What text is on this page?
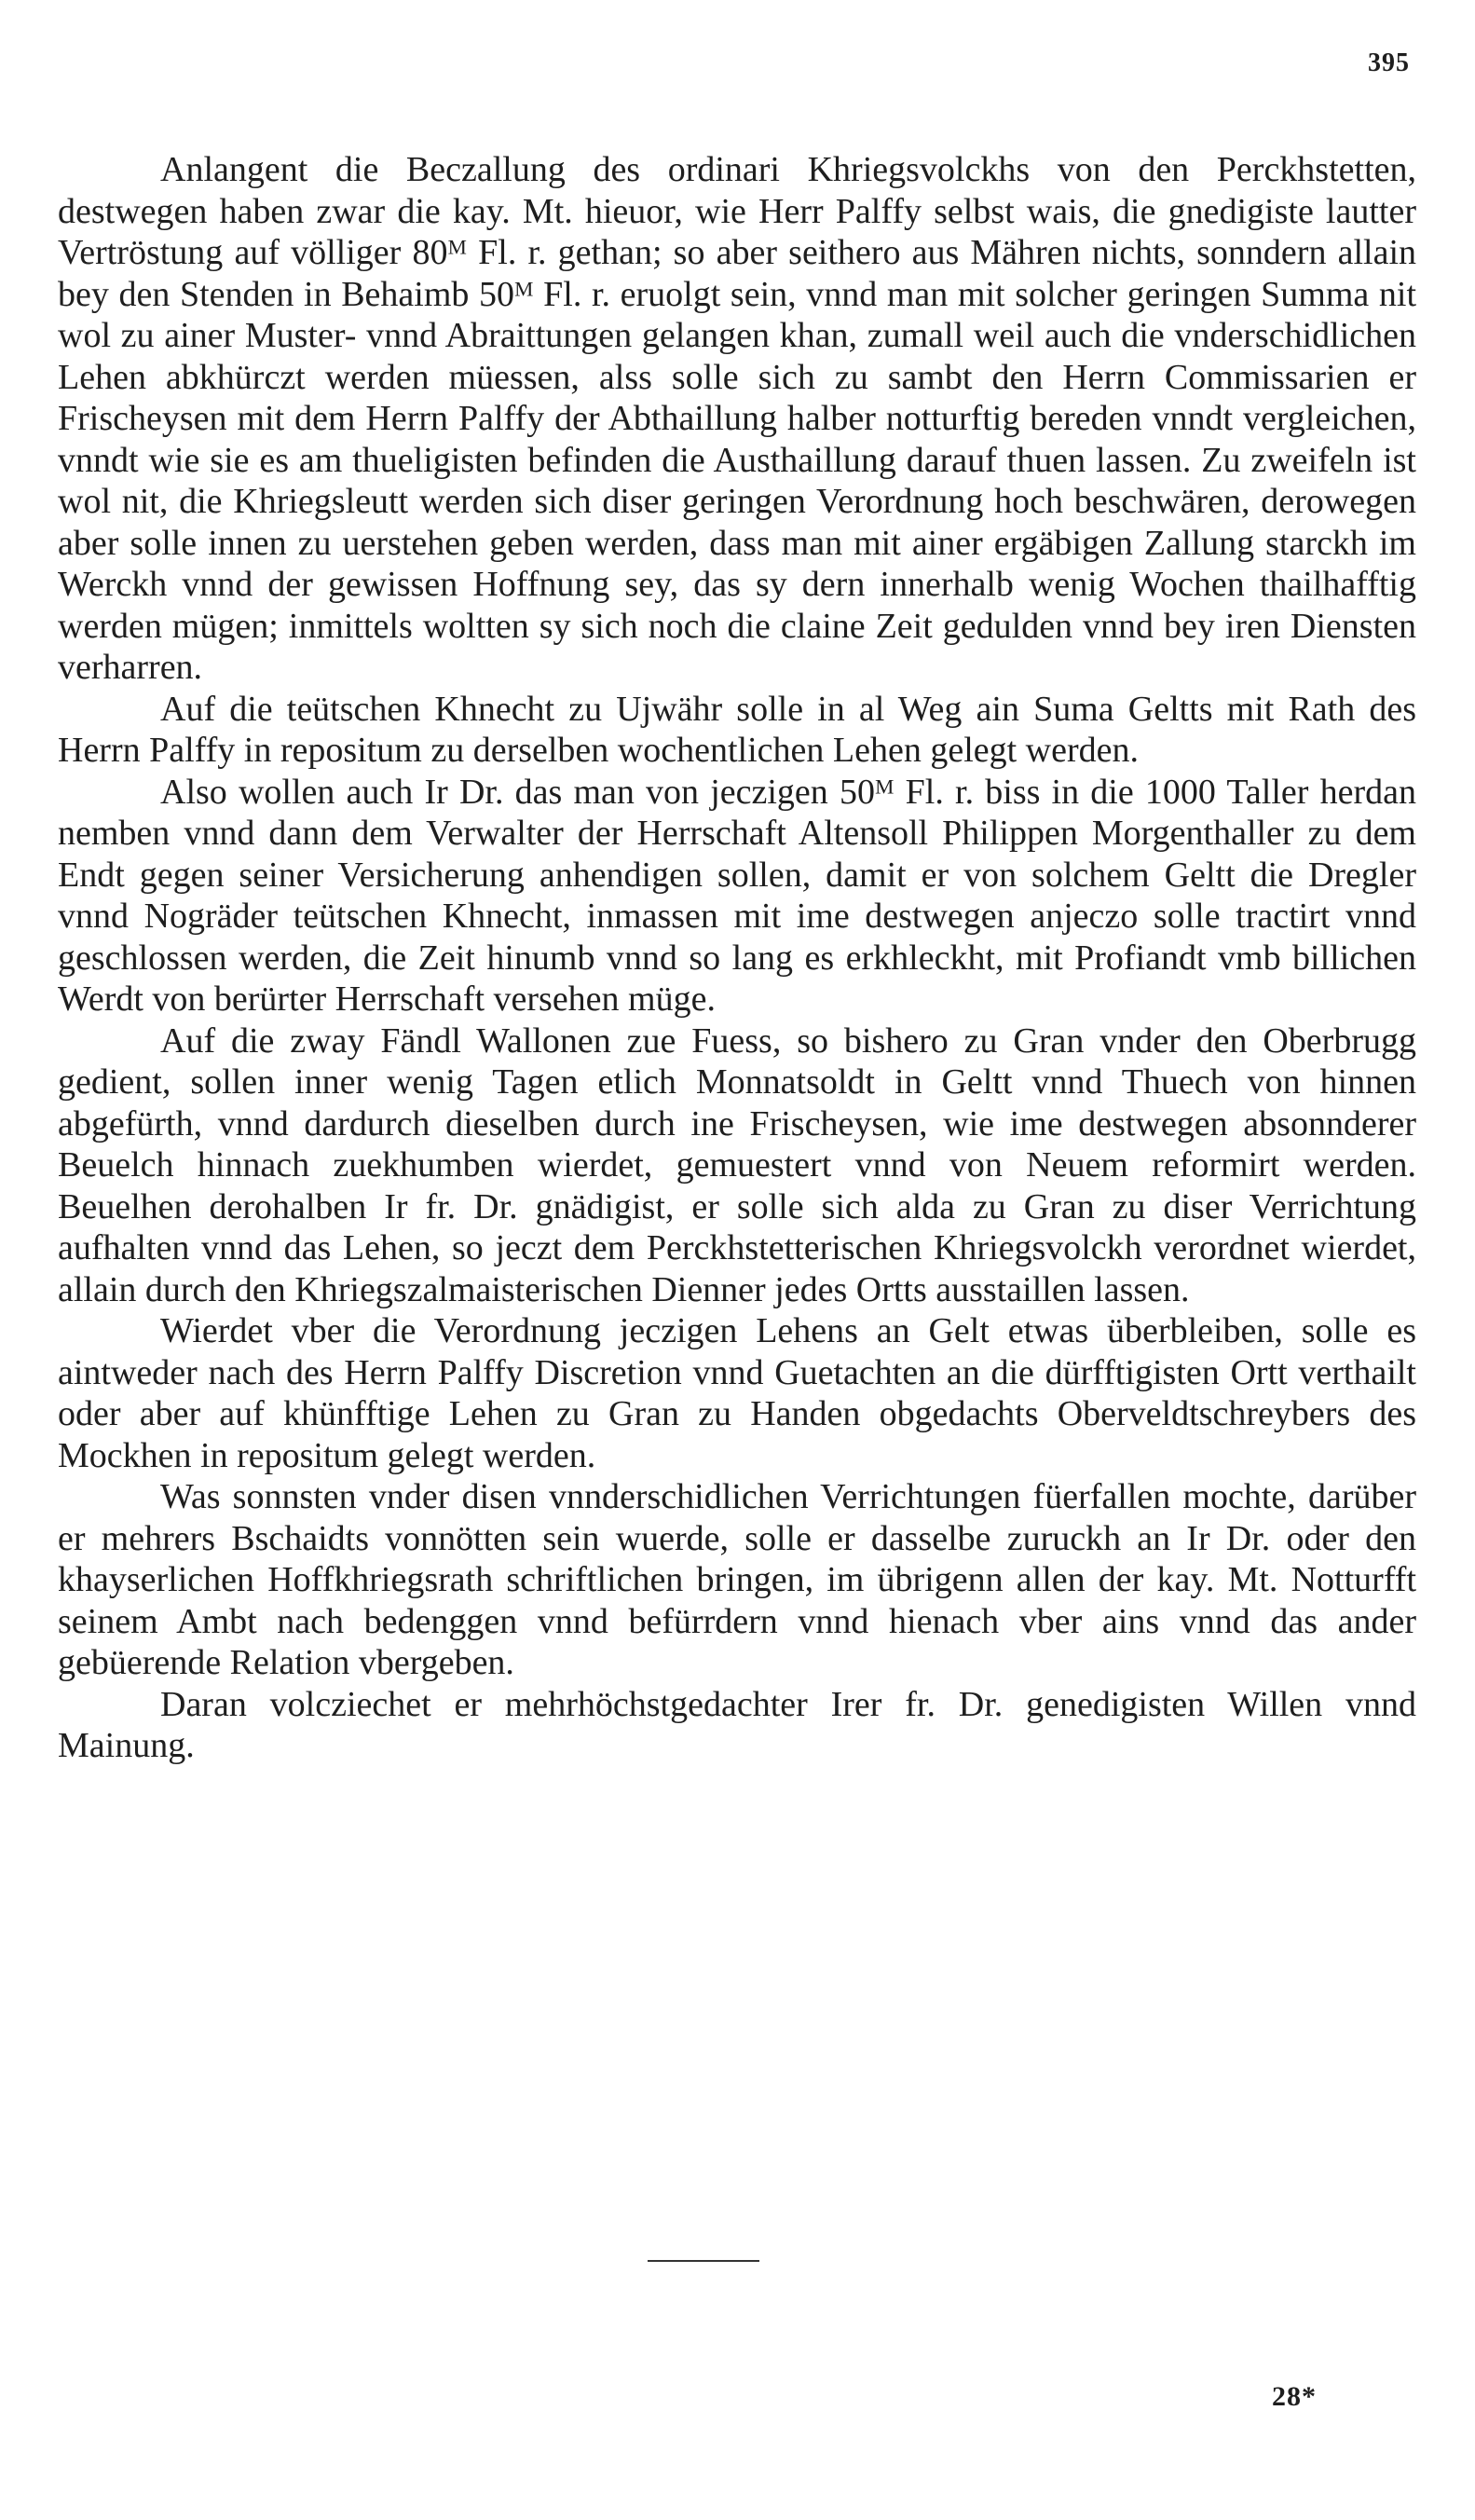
395

Anlangent die Beczallung des ordinari Khriegsvolckhs von den Perckhstetten, destwegen haben zwar die kay. Mt. hieuor, wie Herr Palffy selbst wais, die gnedigiste lautter Vertröstung auf völliger 80ᴹ Fl. r. gethan; so aber seithero aus Mähren nichts, sonndern allain bey den Stenden in Behaimb 50ᴹ Fl. r. eruolgt sein, vnnd man mit solcher geringen Summa nit wol zu ainer Muster- vnnd Abraittungen gelangen khan, zumall weil auch die vnderschidlichen Lehen abkhürczt werden müessen, alss solle sich zu sambt den Herrn Commissarien er Frischeysen mit dem Herrn Palffy der Abthaillung halber notturftig bereden vnndt vergleichen, vnndt wie sie es am thueligisten befinden die Austhaillung darauf thuen lassen. Zu zweifeln ist wol nit, die Khriegsleutt werden sich diser geringen Verordnung hoch beschwären, derowegen aber solle innen zu uerstehen geben werden, dass man mit ainer ergäbigen Zallung starckh im Werckh vnnd der gewissen Hoffnung sey, das sy dern innerhalb wenig Wochen thailhafftig werden mügen; inmittels woltten sy sich noch die claine Zeit gedulden vnnd bey iren Diensten verharren.

Auf die teütschen Khnecht zu Ujwähr solle in al Weg ain Suma Geltts mit Rath des Herrn Palffy in repositum zu derselben wochentlichen Lehen gelegt werden.

Also wollen auch Ir Dr. das man von jeczigen 50ᴹ Fl. r. biss in die 1000 Taller herdan nemben vnnd dann dem Verwalter der Herrschaft Altensoll Philippen Morgenthaller zu dem Endt gegen seiner Versicherung anhendigen sollen, damit er von solchem Geltt die Dregler vnnd Nogräder teütschen Khnecht, inmassen mit ime destwegen anjeczo solle tractirt vnnd geschlossen werden, die Zeit hinumb vnnd so lang es erkhleckht, mit Profiandt vmb billichen Werdt von berürter Herrschaft versehen müge.

Auf die zway Fändl Wallonen zue Fuess, so bishero zu Gran vnder den Oberbrugg gedient, sollen inner wenig Tagen etlich Monnatsoldt in Geltt vnnd Thuech von hinnen abgefürth, vnnd dardurch dieselben durch ine Frischeysen, wie ime destwegen absonnderer Beuelch hinnach zuekhumben wierdet, gemuestert vnnd von Neuem reformirt werden. Beuelhen derohalben Ir fr. Dr. gnädigist, er solle sich alda zu Gran zu diser Verrichtung aufhalten vnnd das Lehen, so jeczt dem Perckhstetterischen Khriegsvolckh verordnet wierdet, allain durch den Khriegszalmaisterischen Dienner jedes Ortts ausstaillen lassen.

Wierdet vber die Verordnung jeczigen Lehens an Gelt etwas überbleiben, solle es aintweder nach des Herrn Palffy Discretion vnnd Guetachten an die dürfftigisten Ortt verthailt oder aber auf khünfftige Lehen zu Gran zu Handen obgedachts Oberveldtschreybers des Mockhen in repositum gelegt werden.

Was sonnsten vnder disen vnnderschidlichen Verrichtungen füerfallen mochte, darüber er mehrers Bschaidts vonnötten sein wuerde, solle er dasselbe zuruckh an Ir Dr. oder den khayserlichen Hoffkhriegsrath schriftlichen bringen, im übrigenn allen der kay. Mt. Notturfft seinem Ambt nach bedenggen vnnd befürrdern vnnd hienach vber ains vnnd das ander gebüerende Relation vbergeben.

Daran volcziechet er mehrhöchstgedachter Irer fr. Dr. genedigisten Willen vnnd Mainung.

28*
